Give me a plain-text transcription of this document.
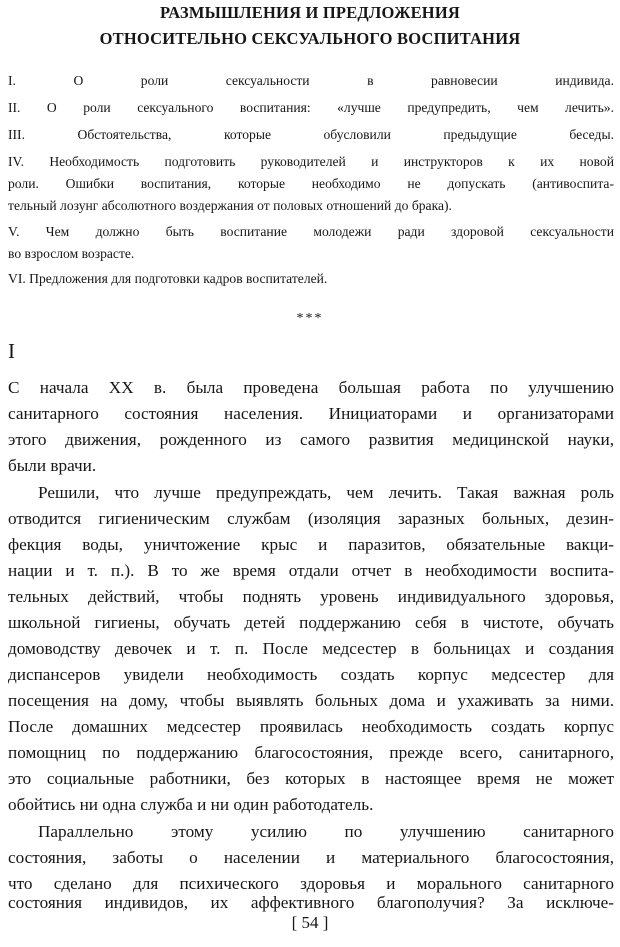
РАЗМЫШЛЕНИЯ И ПРЕДЛОЖЕНИЯ
ОТНОСИТЕЛЬНО СЕКСУАЛЬНОГО ВОСПИТАНИЯ
I. О роли сексуальности в равновесии индивида.
II. О роли сексуального воспитания: «лучше предупредить, чем лечить».
III. Обстоятельства, которые обусловили предыдущие беседы.
IV. Необходимость подготовить руководителей и инструкторов к их новой
роли. Ошибки воспитания, которые необходимо не допускать (антивоспита-
тельный лозунг абсолютного воздержания от половых отношений до брака).
V. Чем должно быть воспитание молодежи ради здоровой сексуальности
во взрослом возрасте.
VI. Предложения для подготовки кадров воспитателей.
***
I
С начала XX в. была проведена большая работа по улучшению
санитарного состояния населения. Инициаторами и организаторами
этого движения, рожденного из самого развития медицинской науки,
были врачи.
Решили, что лучше предупреждать, чем лечить. Такая важная роль
отводится гигиеническим службам (изоляция заразных больных, дезин-
фекция воды, уничтожение крыс и паразитов, обязательные вакци-
нации и т. п.). В то же время отдали отчет в необходимости воспита-
тельных действий, чтобы поднять уровень индивидуального здоровья,
школьной гигиены, обучать детей поддержанию себя в чистоте, обучать
домоводству девочек и т. п. После медсестер в больницах и создания
диспансеров увидели необходимость создать корпус медсестер для
посещения на дому, чтобы выявлять больных дома и ухаживать за ними.
После домашних медсестер проявилась необходимость создать корпус
помощниц по поддержанию благосостояния, прежде всего, санитарного,
это социальные работники, без которых в настоящее время не может
обойтись ни одна служба и ни один работодатель.
Параллельно этому усилию по улучшению санитарного
состояния, заботы о населении и материального благосостояния,
что сделано для психического здоровья и морального санитарного
состояния индивидов, их аффективного благополучия? За исключе-
[ 54 ]
